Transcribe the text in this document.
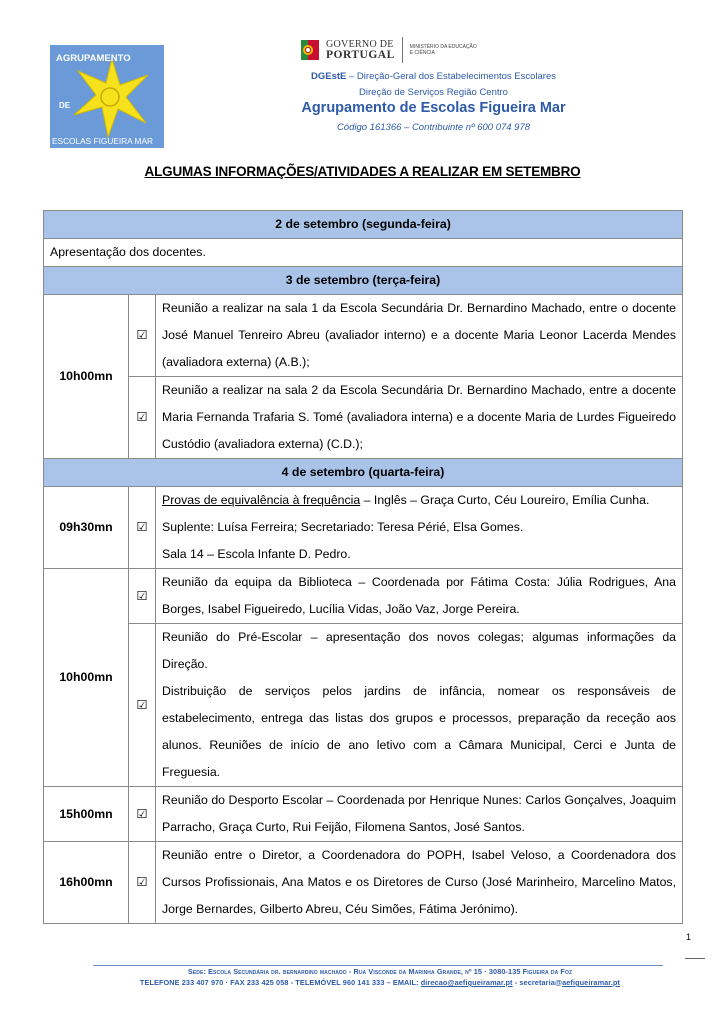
AGRUPAMENTO
DE
ESCOLAS FIGUEIRA MAR
GOVERNO DE
PORTUGAL
MINISTÉRIO DA EDUCAÇÃO
E CIÊNCIA
DGEstE – Direção-Geral dos Estabelecimentos Escolares
Direção de Serviços Região Centro
Agrupamento de Escolas Figueira Mar
Código 161366 – Contribuinte nº 600 074 978
ALGUMAS INFORMAÇÕES/ATIVIDADES A REALIZAR EM SETEMBRO
2 de setembro (segunda-feira)		
Apresentação dos docentes.		
3 de setembro (terça-feira)		
10h00mn	☑	Reunião a realizar na sala 1 da Escola Secundária Dr. Bernardino Machado, entre o docente José Manuel Tenreiro Abreu (avaliador interno) e a docente Maria Leonor Lacerda Mendes (avaliadora externa) (A.B.);
	☑	Reunião a realizar na sala 2 da Escola Secundária Dr. Bernardino Machado, entre a docente Maria Fernanda Trafaria S. Tomé (avaliadora interna) e a docente Maria de Lurdes Figueiredo Custódio (avaliadora externa) (C.D.);
4 de setembro (quarta-feira)		
09h30mn	☑	Provas de equivalência à frequência – Inglês – Graça Curto, Céu Loureiro, Emília Cunha.
Suplente: Luísa Ferreira; Secretariado: Teresa Périé, Elsa Gomes.
Sala 14 – Escola Infante D. Pedro.
10h00mn	☑	Reunião da equipa da Biblioteca – Coordenada por Fátima Costa: Júlia Rodrigues, Ana Borges, Isabel Figueiredo, Lucília Vidas, João Vaz, Jorge Pereira.
	☑	Reunião do Pré-Escolar – apresentação dos novos colegas; algumas informações da Direção.
Distribuição de serviços pelos jardins de infância, nomear os responsáveis de estabelecimento, entrega das listas dos grupos e processos, preparação da receção aos alunos. Reuniões de início de ano letivo com a Câmara Municipal, Cerci e Junta de Freguesia.

15h00mn	☑	Reunião do Desporto Escolar – Coordenada por Henrique Nunes: Carlos Gonçalves, Joaquim Parracho, Graça Curto, Rui Feijão, Filomena Santos, José Santos.
16h00mn	☑	Reunião entre o Diretor, a Coordenadora do POPH, Isabel Veloso, a Coordenadora dos Cursos Profissionais, Ana Matos e os Diretores de Curso (José Marinheiro, Marcelino Matos, Jorge Bernardes, Gilberto Abreu, Céu Simões, Fátima Jerónimo).
1
Sede: Escola Secundária dr. bernardino machado - Rua Visconde da Marinha Grande, nº 15 · 3080-135 Figueira da Foz
TELEFONE 233 407 970 · FAX 233 425 058 - TELEMÓVEL 960 141 333 – EMAIL: direcao@aefigueiramar.pt - secretaria@aefigueiramar.pt
